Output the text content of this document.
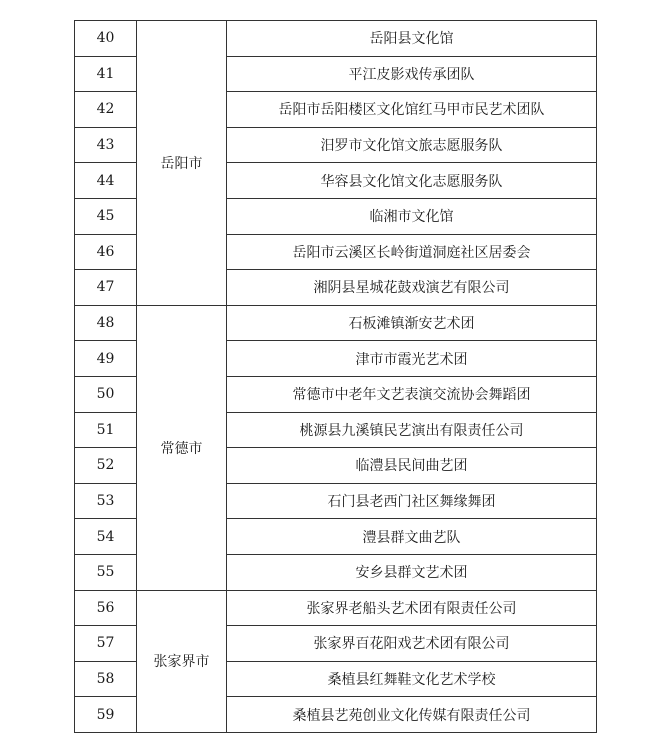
40	岳阳市	岳阳县文化馆
41		平江皮影戏传承团队
42		岳阳市岳阳楼区文化馆红马甲市民艺术团队
43		汨罗市文化馆文旅志愿服务队
44		华容县文化馆文化志愿服务队
45		临湘市文化馆
46		岳阳市云溪区长岭街道洞庭社区居委会
47		湘阴县星城花鼓戏演艺有限公司
48	常德市	石板滩镇渐安艺术团
49		津市市霞光艺术团
50		常德市中老年文艺表演交流协会舞蹈团
51		桃源县九溪镇民艺演出有限责任公司
52		临澧县民间曲艺团
53		石门县老西门社区舞缘舞团
54		澧县群文曲艺队
55		安乡县群文艺术团
56	张家界市	张家界老船头艺术团有限责任公司
57		张家界百花阳戏艺术团有限公司
58		桑植县红舞鞋文化艺术学校
59		桑植县艺苑创业文化传媒有限责任公司
